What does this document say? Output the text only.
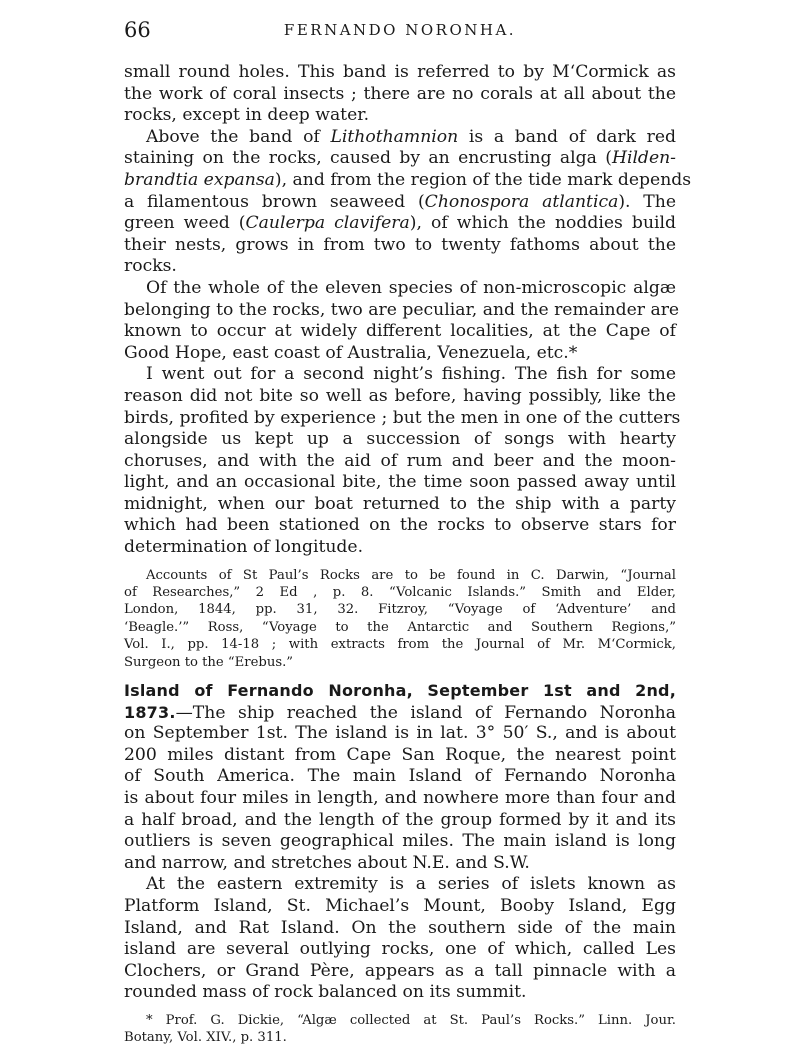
66	FERNANDO NORONHA.
small round holes. This band is referred to by M‘Cormick as
the work of coral insects ; there are no corals at all about the
rocks, except in deep water.
Above the band of Lithothamnion is a band of dark red
staining on the rocks, caused by an encrusting alga (Hilden-
brandtia expansa), and from the region of the tide mark depends
a filamentous brown seaweed (Chonospora atlantica). The
green weed (Caulerpa clavifera), of which the noddies build
their nests, grows in from two to twenty fathoms about the
rocks.
Of the whole of the eleven species of non-microscopic algæ
belonging to the rocks, two are peculiar, and the remainder are
known to occur at widely different localities, at the Cape of
Good Hope, east coast of Australia, Venezuela, etc.*
I went out for a second night’s fishing. The fish for some
reason did not bite so well as before, having possibly, like the
birds, profited by experience ; but the men in one of the cutters
alongside us kept up a succession of songs with hearty
choruses, and with the aid of rum and beer and the moon-
light, and an occasional bite, the time soon passed away until
midnight, when our boat returned to the ship with a party
which had been stationed on the rocks to observe stars for
determination of longitude.
Accounts of St Paul’s Rocks are to be found in C. Darwin, “Journal
of Researches,” 2 Ed , p. 8. “Volcanic Islands.” Smith and Elder,
London, 1844, pp. 31, 32. Fitzroy, “Voyage of ‘Adventure’ and
‘Beagle.’” Ross, “Voyage to the Antarctic and Southern Regions,”
Vol. I., pp. 14-18 ; with extracts from the Journal of Mr. M‘Cormick,
Surgeon to the “Erebus.”
Island of Fernando Noronha, September 1st and 2nd,
1873.—The ship reached the island of Fernando Noronha
on September 1st. The island is in lat. 3° 50′ S., and is about
200 miles distant from Cape San Roque, the nearest point
of South America. The main Island of Fernando Noronha
is about four miles in length, and nowhere more than four and
a half broad, and the length of the group formed by it and its
outliers is seven geographical miles. The main island is long
and narrow, and stretches about N.E. and S.W.
At the eastern extremity is a series of islets known as
Platform Island, St. Michael’s Mount, Booby Island, Egg
Island, and Rat Island. On the southern side of the main
island are several outlying rocks, one of which, called Les
Clochers, or Grand Père, appears as a tall pinnacle with a
rounded mass of rock balanced on its summit.
* Prof. G. Dickie, “Algæ collected at St. Paul’s Rocks.” Linn. Jour.
Botany, Vol. XIV., p. 311.
